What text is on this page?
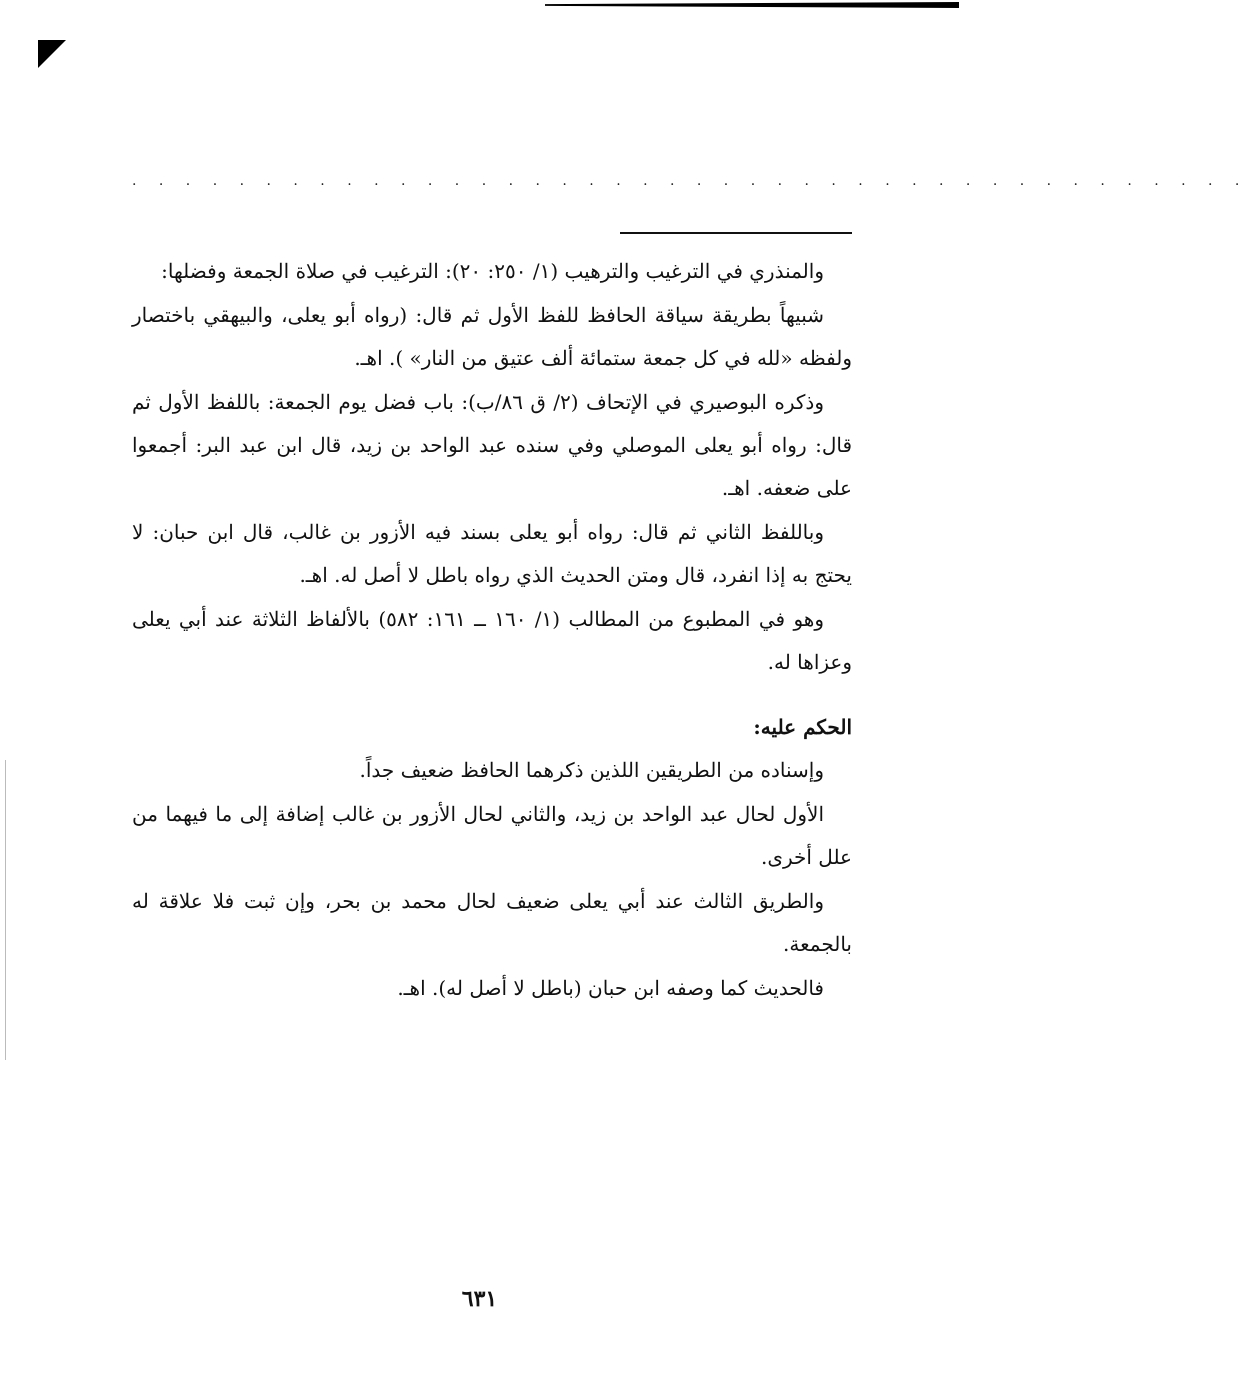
. . . . . . . . . . . . . . . . . . . . . . . . . . . . . . . . . . . . . . . . . .

والمنذري في الترغيب والترهيب (١/ ٢٥٠: ٢٠): الترغيب في صلاة الجمعة وفضلها:

شبيهاً بطريقة سياقة الحافظ للفظ الأول ثم قال: (رواه أبو يعلى، والبيهقي باختصار ولفظه «لله في كل جمعة ستمائة ألف عتيق من النار» ). اهـ.

وذكره البوصيري في الإتحاف (٢/ ق ٨٦/ب): باب فضل يوم الجمعة: باللفظ الأول ثم قال: رواه أبو يعلى الموصلي وفي سنده عبد الواحد بن زيد، قال ابن عبد البر: أجمعوا على ضعفه. اهـ.

وباللفظ الثاني ثم قال: رواه أبو يعلى بسند فيه الأزور بن غالب، قال ابن حبان: لا يحتج به إذا انفرد، قال ومتن الحديث الذي رواه باطل لا أصل له. اهـ.

وهو في المطبوع من المطالب (١/ ١٦٠ ــ ١٦١: ٥٨٢) بالألفاظ الثلاثة عند أبي يعلى وعزاها له.

الحكم عليه:

وإسناده من الطريقين اللذين ذكرهما الحافظ ضعيف جداً.

الأول لحال عبد الواحد بن زيد، والثاني لحال الأزور بن غالب إضافة إلى ما فيهما من علل أخرى.

والطريق الثالث عند أبي يعلى ضعيف لحال محمد بن بحر، وإن ثبت فلا علاقة له بالجمعة.

فالحديث كما وصفه ابن حبان (باطل لا أصل له). اهـ.

٦٣١
